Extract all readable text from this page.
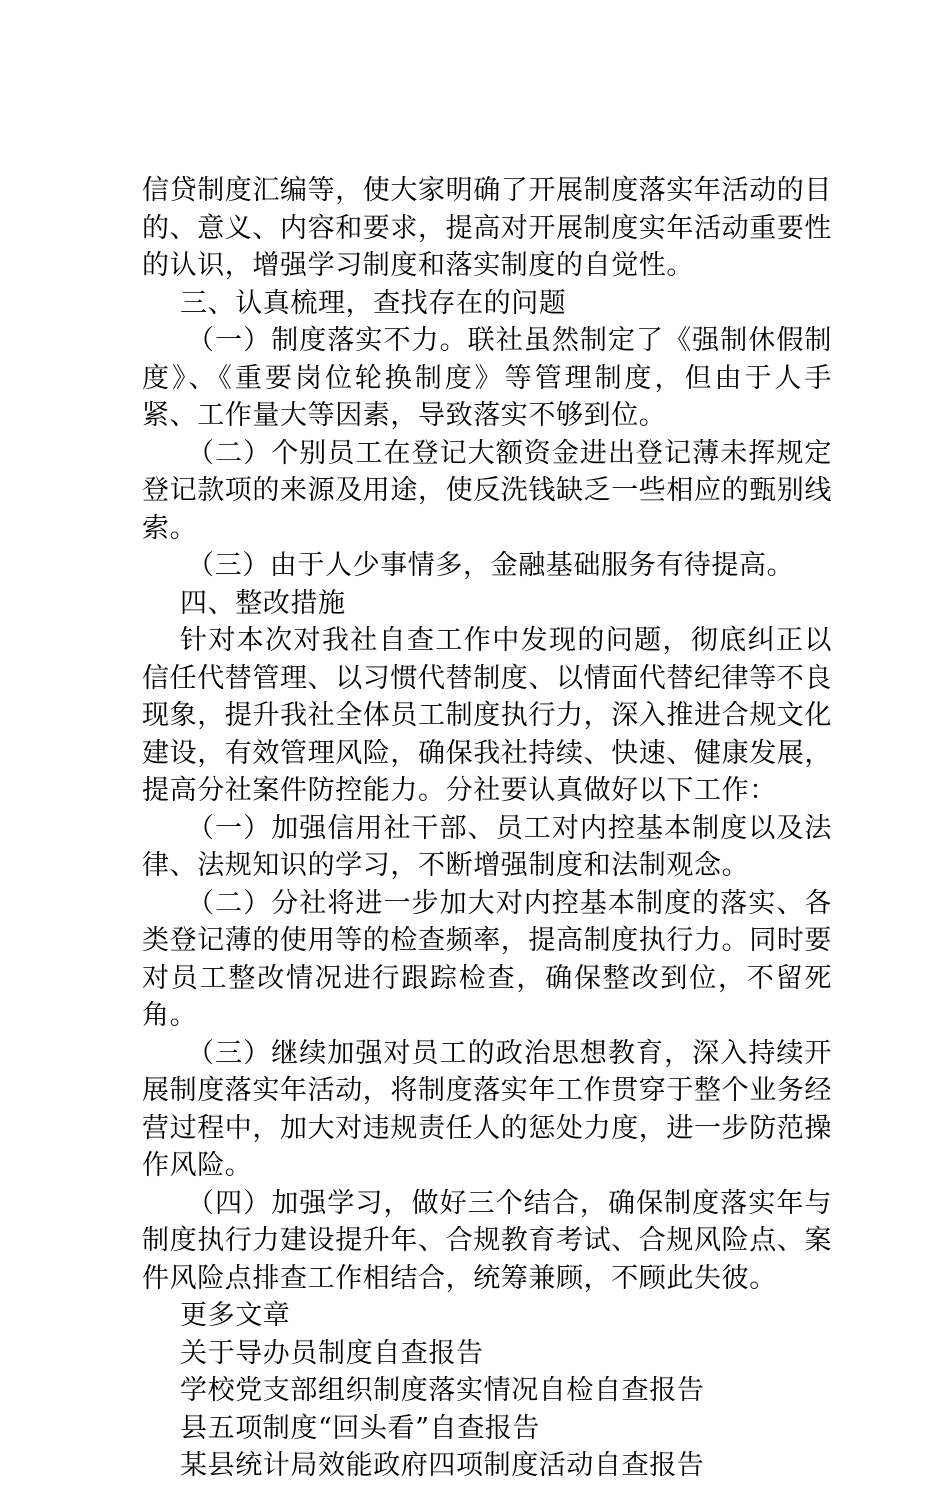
信贷制度汇编等，使大家明确了开展制度落实年活动的目的、意义、内容和要求，提高对开展制度实年活动重要性的认识，增强学习制度和落实制度的自觉性。

三、认真梳理，查找存在的问题

（一）制度落实不力。联社虽然制定了《强制休假制度》、《重要岗位轮换制度》等管理制度，但由于人手紧、工作量大等因素，导致落实不够到位。

（二）个别员工在登记大额资金进出登记薄未挥规定登记款项的来源及用途，使反洗钱缺乏一些相应的甄别线索。

（三）由于人少事情多，金融基础服务有待提高。

四、整改措施

针对本次对我社自查工作中发现的问题，彻底纠正以信任代替管理、以习惯代替制度、以情面代替纪律等不良现象，提升我社全体员工制度执行力，深入推进合规文化建设，有效管理风险，确保我社持续、快速、健康发展，提高分社案件防控能力。分社要认真做好以下工作：

（一）加强信用社干部、员工对内控基本制度以及法律、法规知识的学习，不断增强制度和法制观念。

（二）分社将进一步加大对内控基本制度的落实、各类登记薄的使用等的检查频率，提高制度执行力。同时要对员工整改情况进行跟踪检查，确保整改到位，不留死角。

（三）继续加强对员工的政治思想教育，深入持续开展制度落实年活动，将制度落实年工作贯穿于整个业务经营过程中，加大对违规责任人的惩处力度，进一步防范操作风险。

（四）加强学习，做好三个结合，确保制度落实年与制度执行力建设提升年、合规教育考试、合规风险点、案件风险点排查工作相结合，统筹兼顾，不顾此失彼。

更多文章

关于导办员制度自查报告

学校党支部组织制度落实情况自检自查报告

县五项制度“回头看”自查报告

某县统计局效能政府四项制度活动自查报告
